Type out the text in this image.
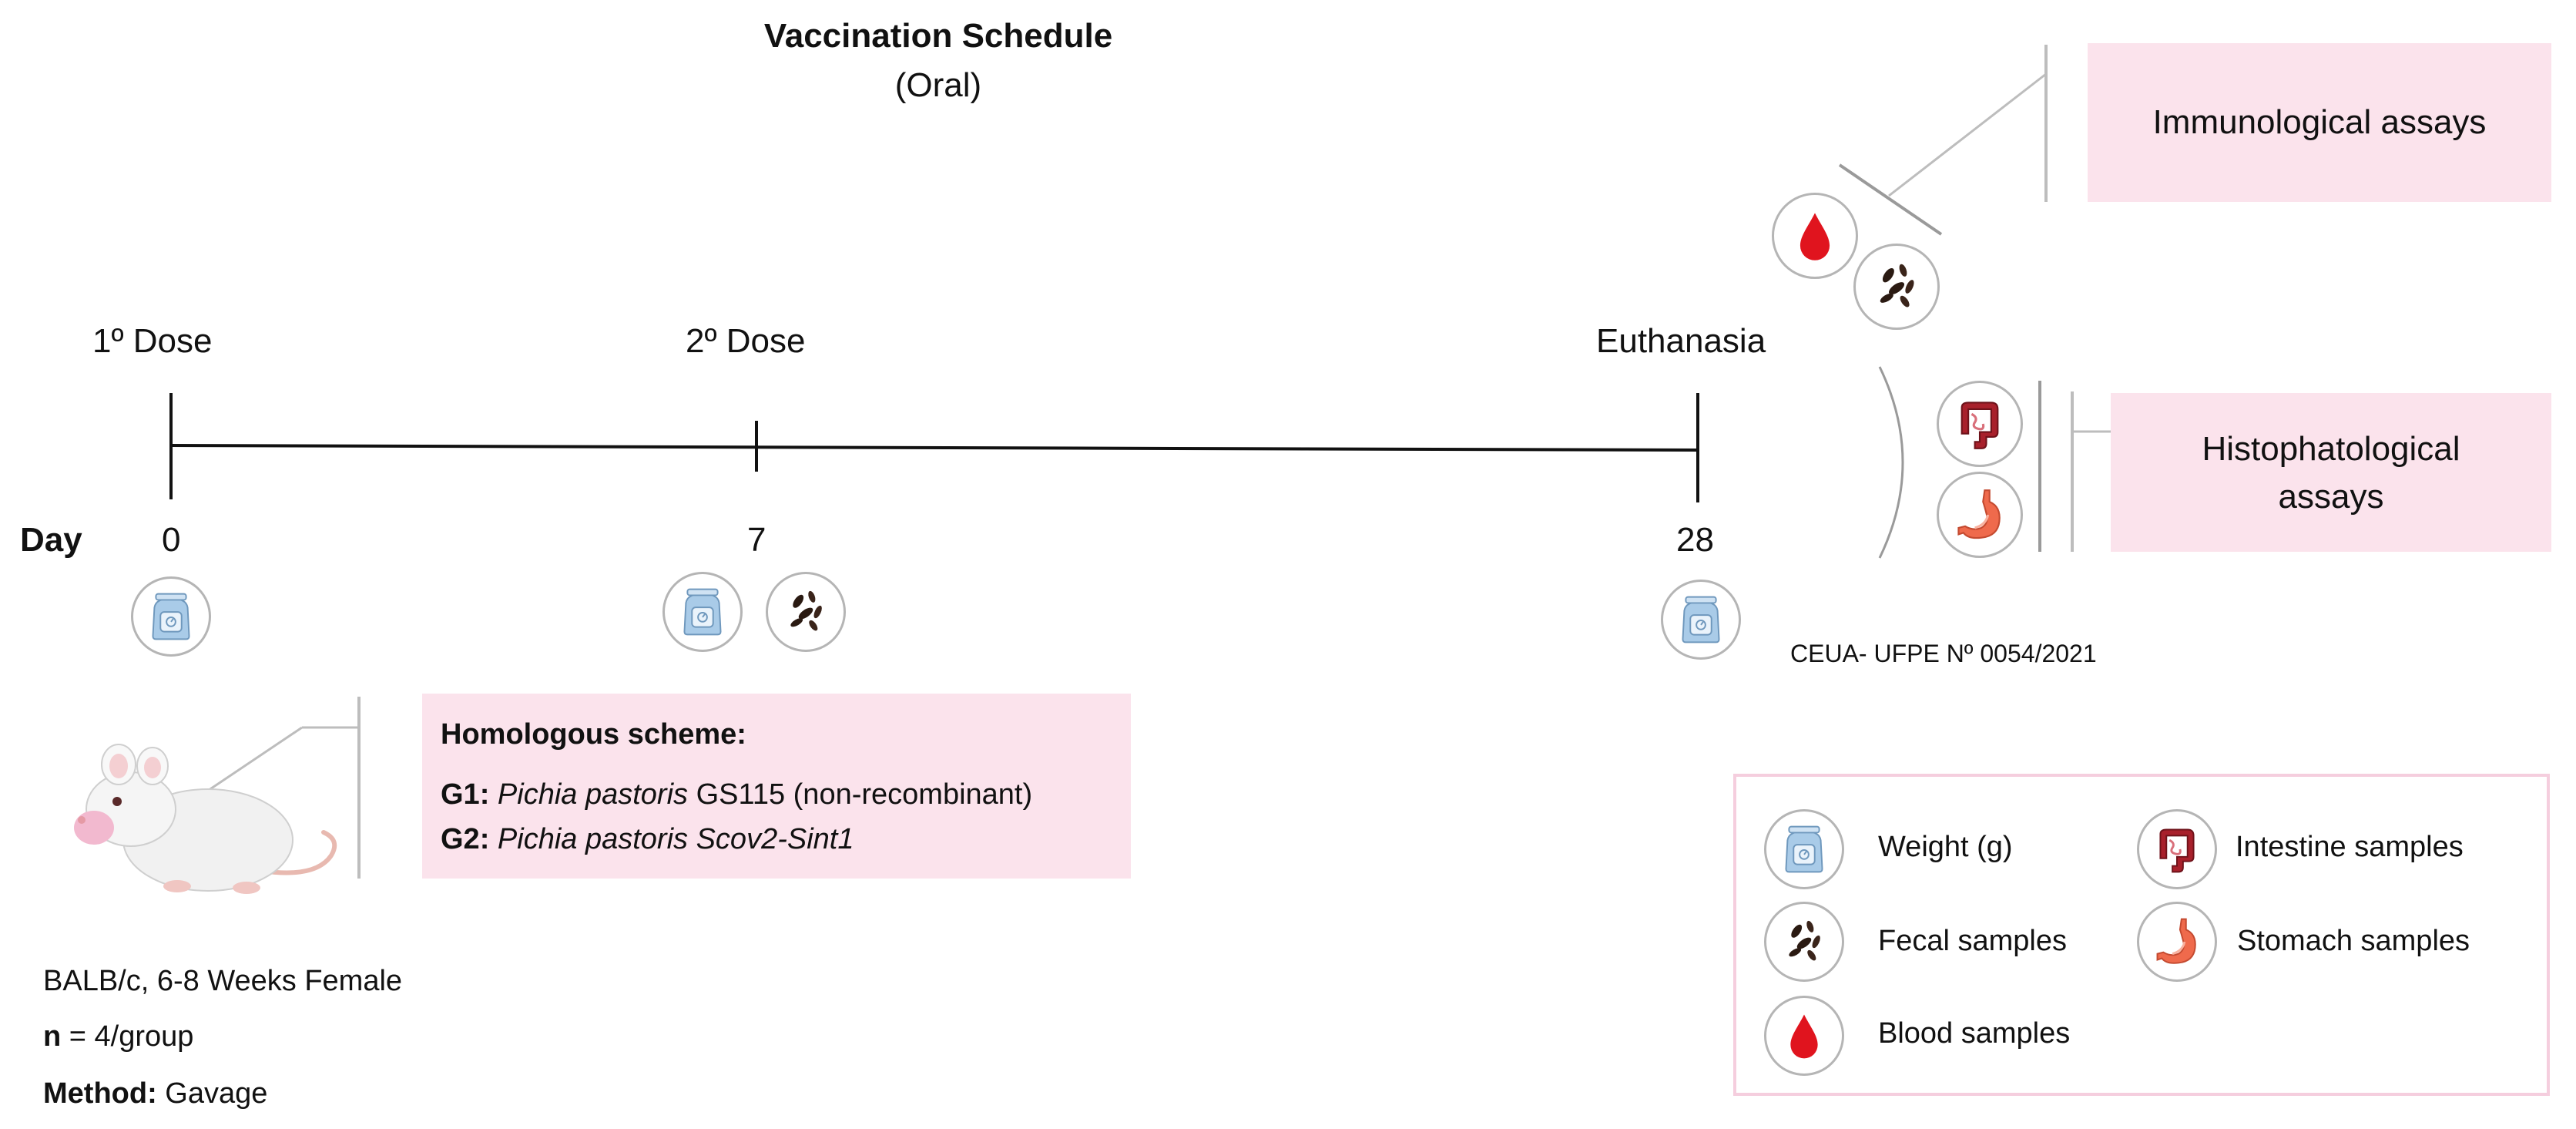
Vaccination Schedule
(Oral)
1º Dose	2º Dose	Euthanasia
Day 0	7	28
Immunological assays
Histophatological
assays
CEUA- UFPE Nº 0054/2021
Homologous scheme:
G1: Pichia pastoris GS115 (non-recombinant)
G2: Pichia pastoris Scov2-Sint1
BALB/c, 6-8 Weeks Female
n = 4/group
Method: Gavage
Weight (g)
Fecal samples
Blood samples
Intestine samples
Stomach samples
